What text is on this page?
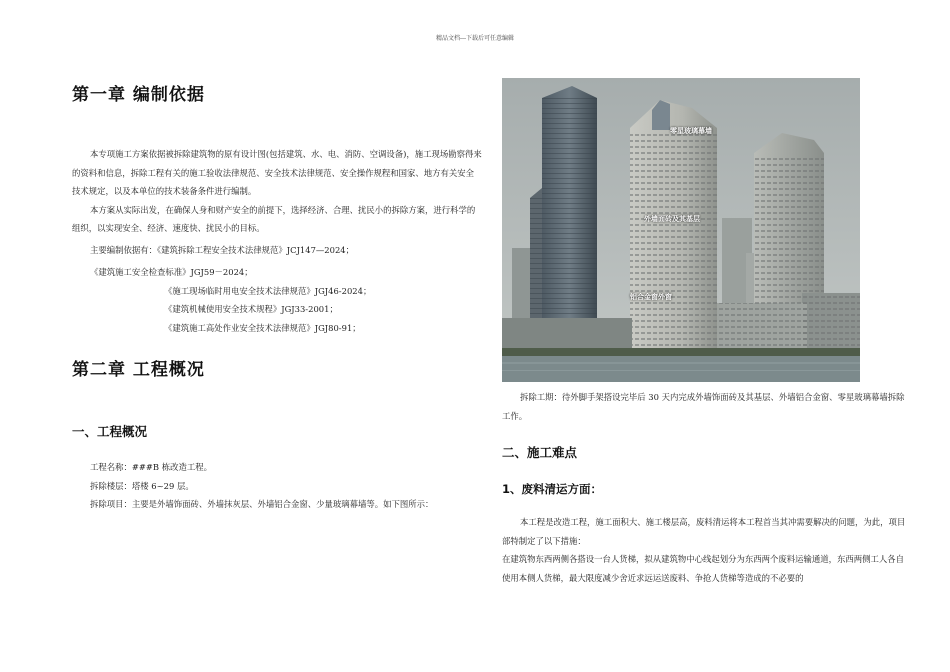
精品文档---下载后可任意编辑
第一章 编制依据

本专项施工方案依据被拆除建筑物的原有设计图(包括建筑、水、电、消防、空调设备)，施工现场勘察得来的资料和信息，拆除工程有关的施工验收法律规范、安全技术法律规范、安全操作规程和国家、地方有关安全技术规定，以及本单位的技术装备条件进行编制。

本方案从实际出发，在确保人身和财产安全的前提下，选择经济、合理、扰民小的拆除方案，进行科学的组织，以实现安全、经济、速度快、扰民小的目标。

主要编制依据有：《建筑拆除工程安全技术法律规范》JCJ147—2024；

《建筑施工安全检查标准》JGJ59－2024；

《施工现场临时用电安全技术法律规范》JGJ46-2024；

《建筑机械使用安全技术规程》JGJ33-2001；

《建筑施工高处作业安全技术法律规范》JGJ80-91；

第二章 工程概况
一、工程概况

工程名称：###B 栋改造工程。

拆除楼层：塔楼 6~29 层。

拆除项目：主要是外墙饰面砖、外墙抹灰层、外墙铝合金窗、少量玻璃幕墙等。如下图所示：

零星玻璃幕墙
外墙面砖及其基层
铝合金窗外窗

拆除工期：待外脚手架搭设完毕后 30 天内完成外墙饰面砖及其基层、外墙铝合金窗、零星玻璃幕墙拆除工作。

二、施工难点
1、废料清运方面：

本工程是改造工程，施工面积大、施工楼层高，废料清运将本工程首当其冲需要解决的问题，为此，项目部特制定了以下措施：

在建筑物东西两侧各搭设一台人货梯，拟从建筑物中心线起划分为东西两个废料运输通道，东西两侧工人各自使用本侧人货梯，最大限度减少舍近求远运送废料、争抢人货梯等造成的不必要的
